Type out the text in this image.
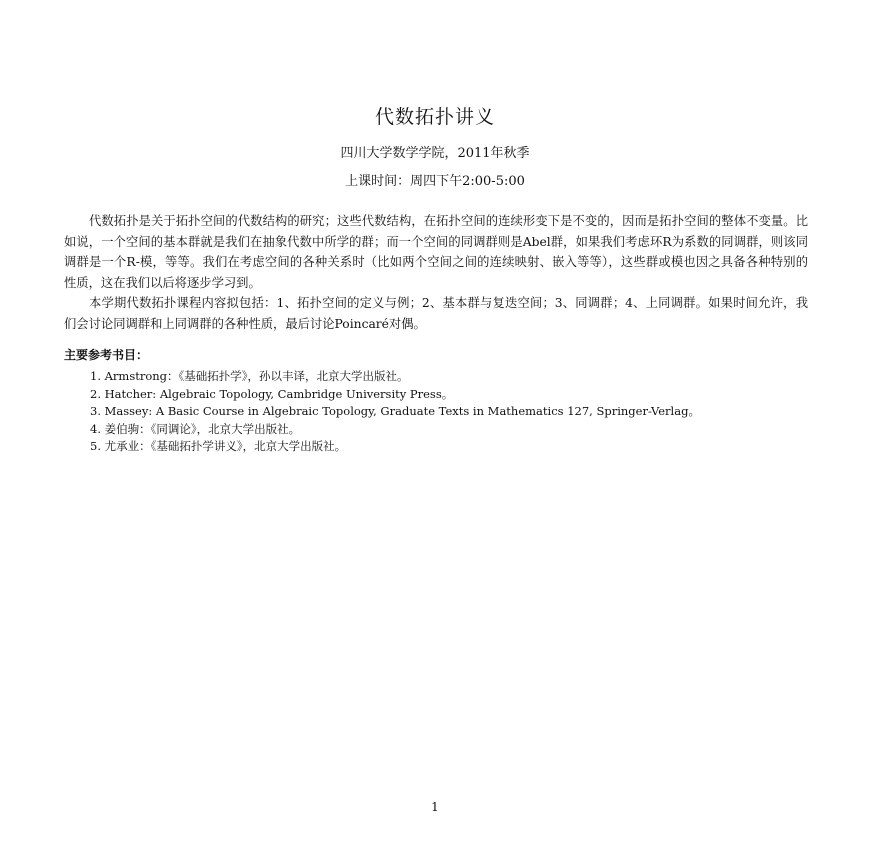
代数拓扑讲义
四川大学数学学院，2011年秋季
上课时间：周四下午2:00-5:00

代数拓扑是关于拓扑空间的代数结构的研究；这些代数结构，在拓扑空间的连续形变下是不变的，因而是拓扑空间的整体不变量。比如说，一个空间的基本群就是我们在抽象代数中所学的群；而一个空间的同调群则是Abel群，如果我们考虑环R为系数的同调群，则该同调群是一个R-模，等等。我们在考虑空间的各种关系时（比如两个空间之间的连续映射、嵌入等等），这些群或模也因之具备各种特别的性质，这在我们以后将逐步学习到。

本学期代数拓扑课程内容拟包括：1、拓扑空间的定义与例；2、基本群与复迭空间；3、同调群；4、上同调群。如果时间允许，我们会讨论同调群和上同调群的各种性质，最后讨论Poincaré对偶。

主要参考书目：
1. Armstrong：《基础拓扑学》，孙以丰译，北京大学出版社。
2. Hatcher: Algebraic Topology, Cambridge University Press。
3. Massey: A Basic Course in Algebraic Topology, Graduate Texts in Mathematics 127, Springer-Verlag。
4. 姜伯驹：《同调论》，北京大学出版社。
5. 尤承业：《基础拓扑学讲义》，北京大学出版社。
1
